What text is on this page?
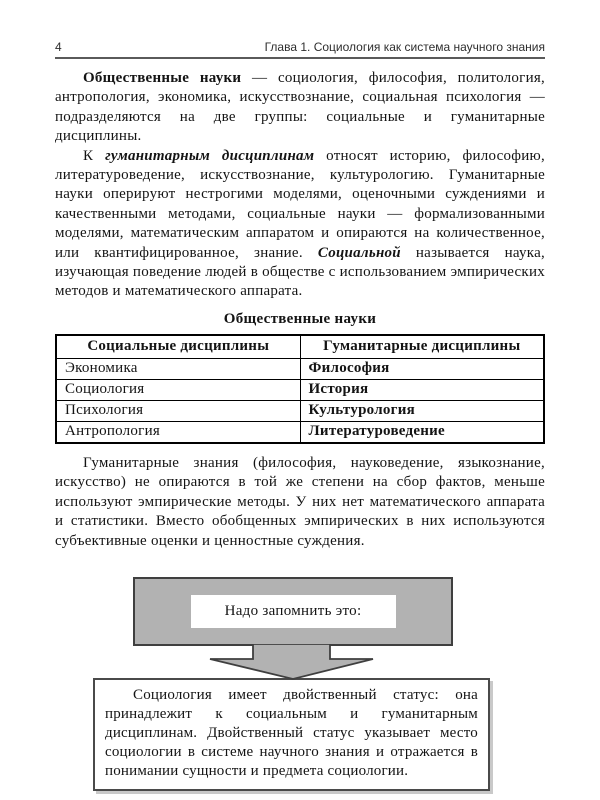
4	Глава 1. Социология как система научного знания

Общественные науки — социология, философия, политология, антропология, экономика, искусствознание, социальная психология — подразделяются на две группы: социальные и гуманитарные дисциплины.

К гуманитарным дисциплинам относят историю, философию, литературоведение, искусствознание, культурологию. Гуманитарные науки оперируют нестрогими моделями, оценочными суждениями и качественными методами, социальные науки — формализованными моделями, математическим аппаратом и опираются на количественное, или квантифицированное, знание. Социальной называется наука, изучающая поведение людей в обществе с использованием эмпирических методов и математического аппарата.

Общественные науки
Социальные дисциплины	Гуманитарные дисциплины
Экономика	Философия
Социология	История
Психология	Культурология
Антропология	Литературоведение

Гуманитарные знания (философия, науковедение, языкознание, искусство) не опираются в той же степени на сбор фактов, меньше используют эмпирические методы. У них нет математического аппарата и статистики. Вместо обобщенных эмпирических в них используются субъективные оценки и ценностные суждения.

Надо запомнить это:
Социология имеет двойственный статус: она принадлежит к социальным и гуманитарным дисциплинам. Двойственный статус указывает место социологии в системе научного знания и отражается в понимании сущности и предмета социологии.
